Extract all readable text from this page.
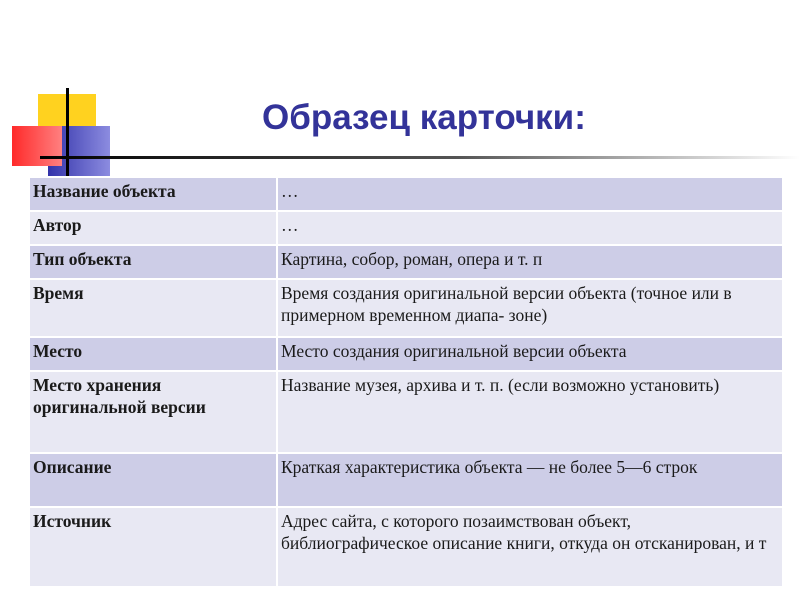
Образец карточки:
Название объекта	…
Автор	…
Тип объекта	Картина, собор, роман, опера и т. п
Время	Время создания оригинальной версии объекта (точное или в примерном временном диапа- зоне)
Место	Место создания оригинальной версии объекта
Место хранения оригинальной версии	Название музея, архива и т. п. (если возможно установить)
Описание	Краткая характеристика объекта — не более 5—6 строк
Источник	Адрес сайта, с которого позаимствован объект, библиографическое описание книги, откуда он отсканирован, и т
